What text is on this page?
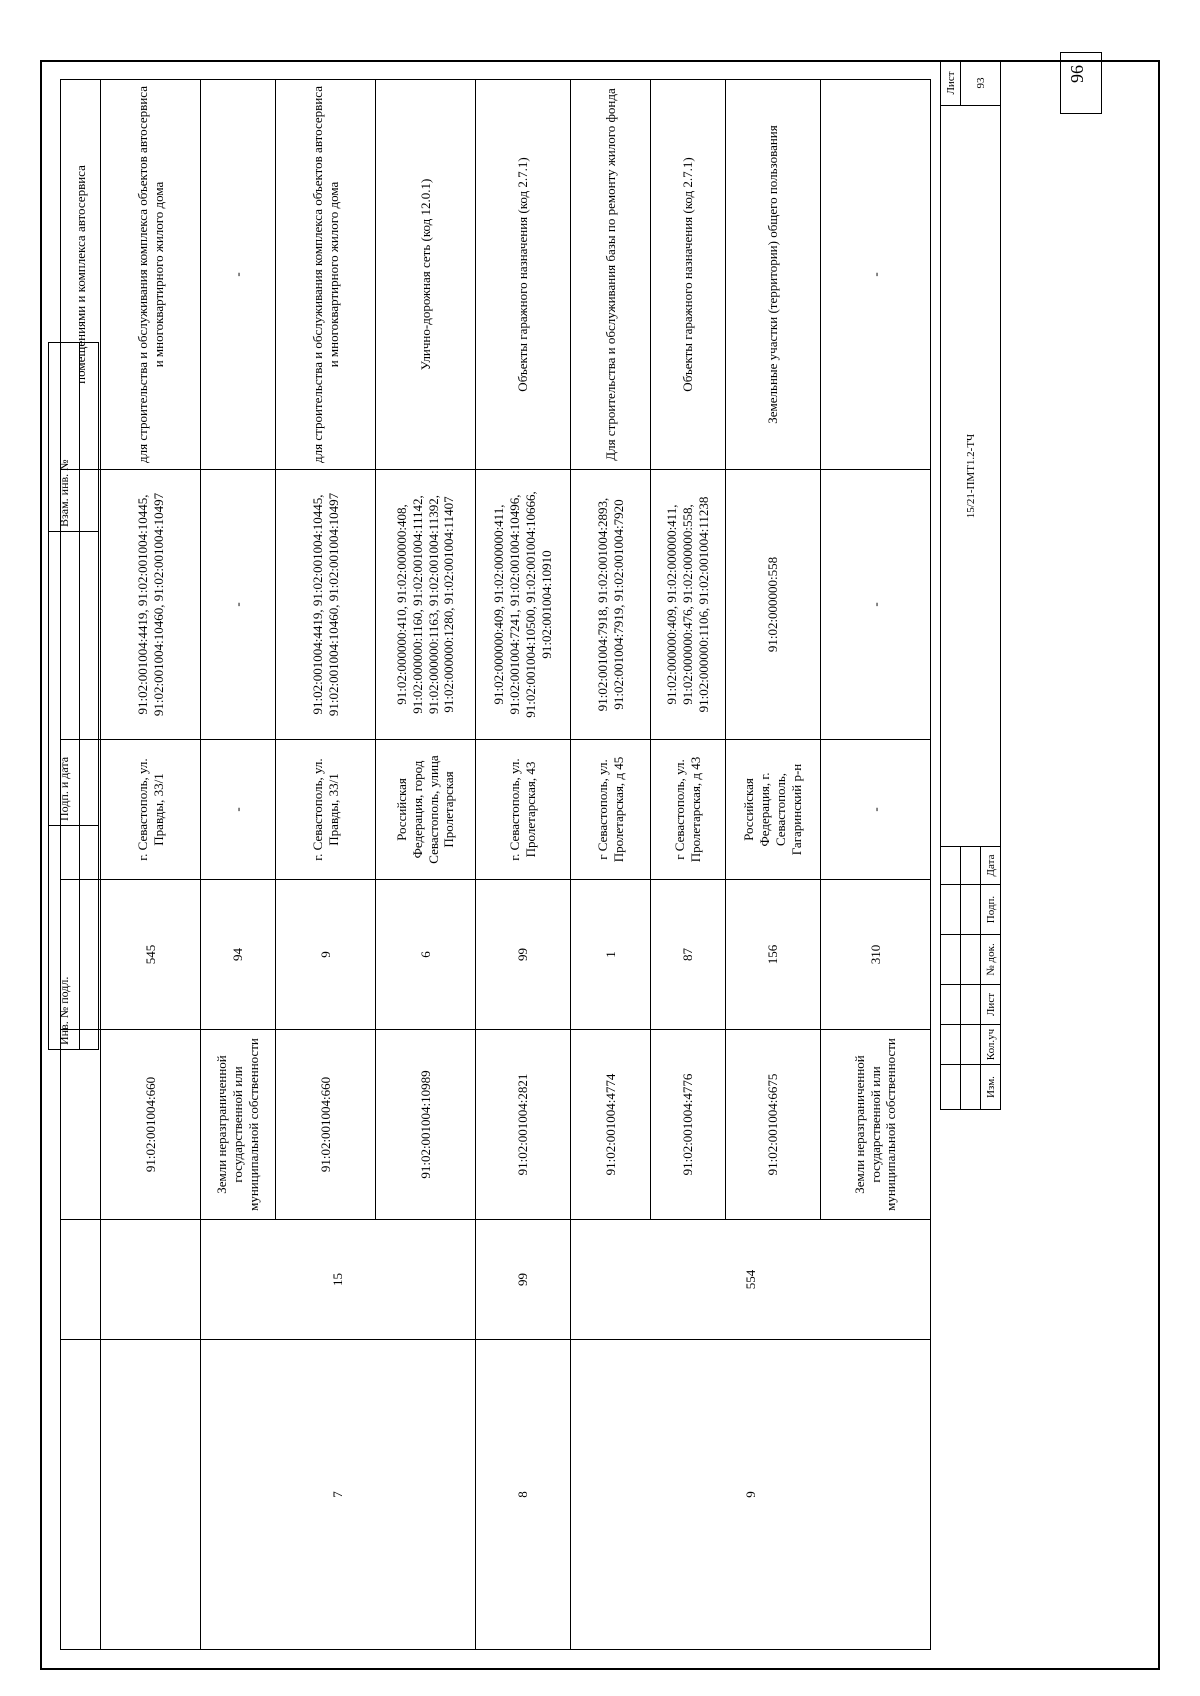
						помещениями и комплекса автосервиса
		91:02:001004:660	545	г. Севастополь, ул. Правды, 33/1	91:02:001004:4419, 91:02:001004:10445, 91:02:001004:10460, 91:02:001004:10497	для строительства и обслуживания комплекса объектов автосервиса и многоквартирного жилого дома
7	15	Земли неразграниченной государственной или муниципальной собственности	94	-	-	-
		91:02:001004:660	9	г. Севастополь, ул. Правды, 33/1	91:02:001004:4419, 91:02:001004:10445, 91:02:001004:10460, 91:02:001004:10497	для строительства и обслуживания комплекса объектов автосервиса и многоквартирного жилого дома
		91:02:001004:10989	6	Российская Федерация, город Севастополь, улица Пролетарская	91:02:000000:410, 91:02:000000:408, 91:02:000000:1160, 91:02:001004:11142, 91:02:000000:1163, 91:02:001004:11392, 91:02:000000:1280, 91:02:001004:11407	Улично-дорожная сеть (код 12.0.1)
8	99	91:02:001004:2821	99	г. Севастополь, ул. Пролетарская, 43	91:02:000000:409, 91:02:000000:411, 91:02:001004:7241, 91:02:001004:10496, 91:02:001004:10500, 91:02:001004:10666, 91:02:001004:10910	Объекты гаражного назначения (код 2.7.1)
9	554	91:02:001004:4774	1	г Севастополь, ул. Пролетарская, д 45	91:02:001004:7918, 91:02:001004:2893, 91:02:001004:7919, 91:02:001004:7920	Для строительства и обслуживания базы по ремонту жилого фонда
		91:02:001004:4776	87	г Севастополь, ул. Пролетарская, д 43	91:02:000000:409, 91:02:000000:411, 91:02:000000:476, 91:02:000000:558, 91:02:000000:1106, 91:02:001004:11238	Объекты гаражного назначения (код 2.7.1)
		91:02:001004:6675	156	Российская Федерация, г. Севастополь, Гагаринский р-н	91:02:000000:558	Земельные участки (территории) общего пользования
		Земли неразграниченной государственной или муниципальной собственности	310	-	-	-
Инв. № подл.	Подп. и дата	Взам. инв. №	

							15/21-ПМТ1.2-ТЧ	Лист
							93
Изм.	Кол.уч	Лист	№ док.	Подп.	Дата		
96
